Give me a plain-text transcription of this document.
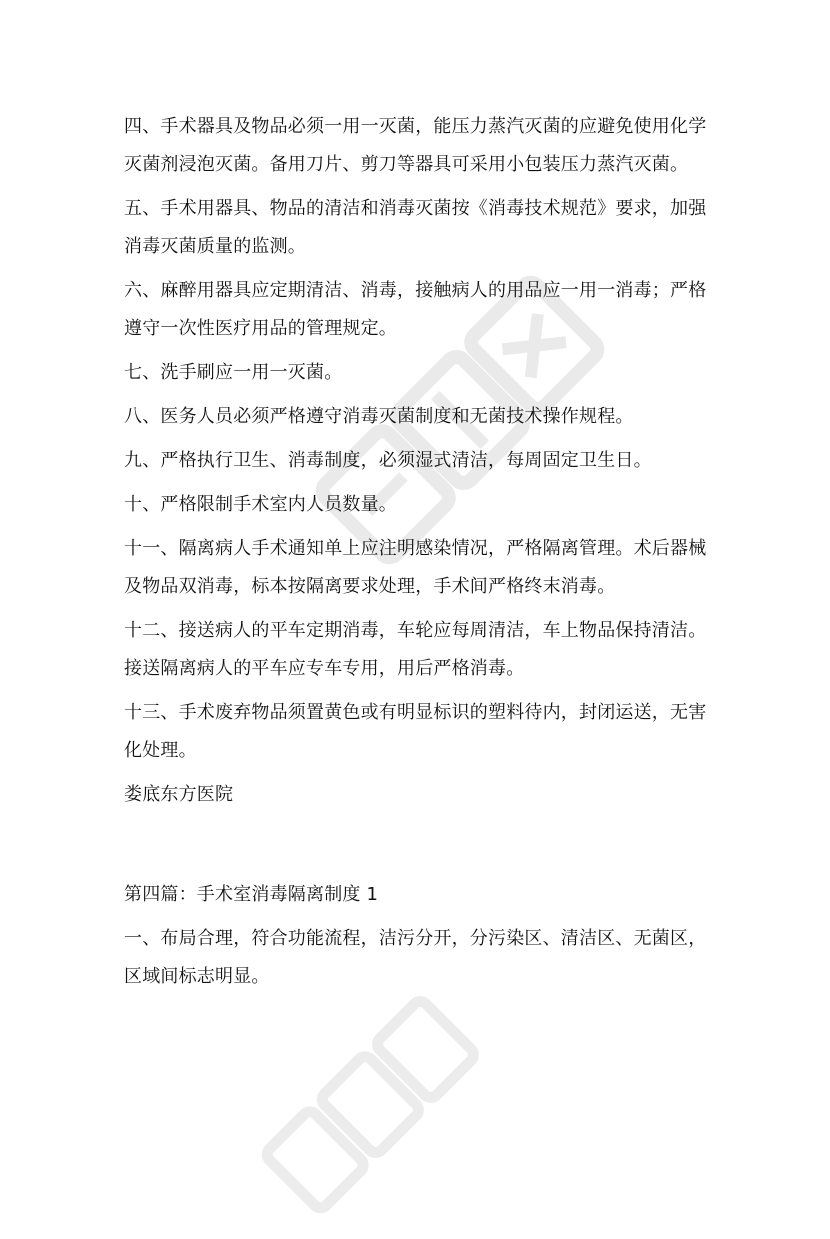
四、手术器具及物品必须一用一灭菌，能压力蒸汽灭菌的应避免使用化学灭菌剂浸泡灭菌。备用刀片、剪刀等器具可采用小包装压力蒸汽灭菌。

五、手术用器具、物品的清洁和消毒灭菌按《消毒技术规范》要求，加强消毒灭菌质量的监测。

六、麻醉用器具应定期清洁、消毒，接触病人的用品应一用一消毒；严格遵守一次性医疗用品的管理规定。

七、洗手刷应一用一灭菌。

八、医务人员必须严格遵守消毒灭菌制度和无菌技术操作规程。

九、严格执行卫生、消毒制度，必须湿式清洁，每周固定卫生日。

十、严格限制手术室内人员数量。

十一、隔离病人手术通知单上应注明感染情况，严格隔离管理。术后器械及物品双消毒，标本按隔离要求处理，手术间严格终末消毒。

十二、接送病人的平车定期消毒，车轮应每周清洁，车上物品保持清洁。接送隔离病人的平车应专车专用，用后严格消毒。

十三、手术废弃物品须置黄色或有明显标识的塑料待内，封闭运送，无害化处理。

娄底东方医院

第四篇：手术室消毒隔离制度 1

一、布局合理，符合功能流程，洁污分开，分污染区、清洁区、无菌区，区域间标志明显。
